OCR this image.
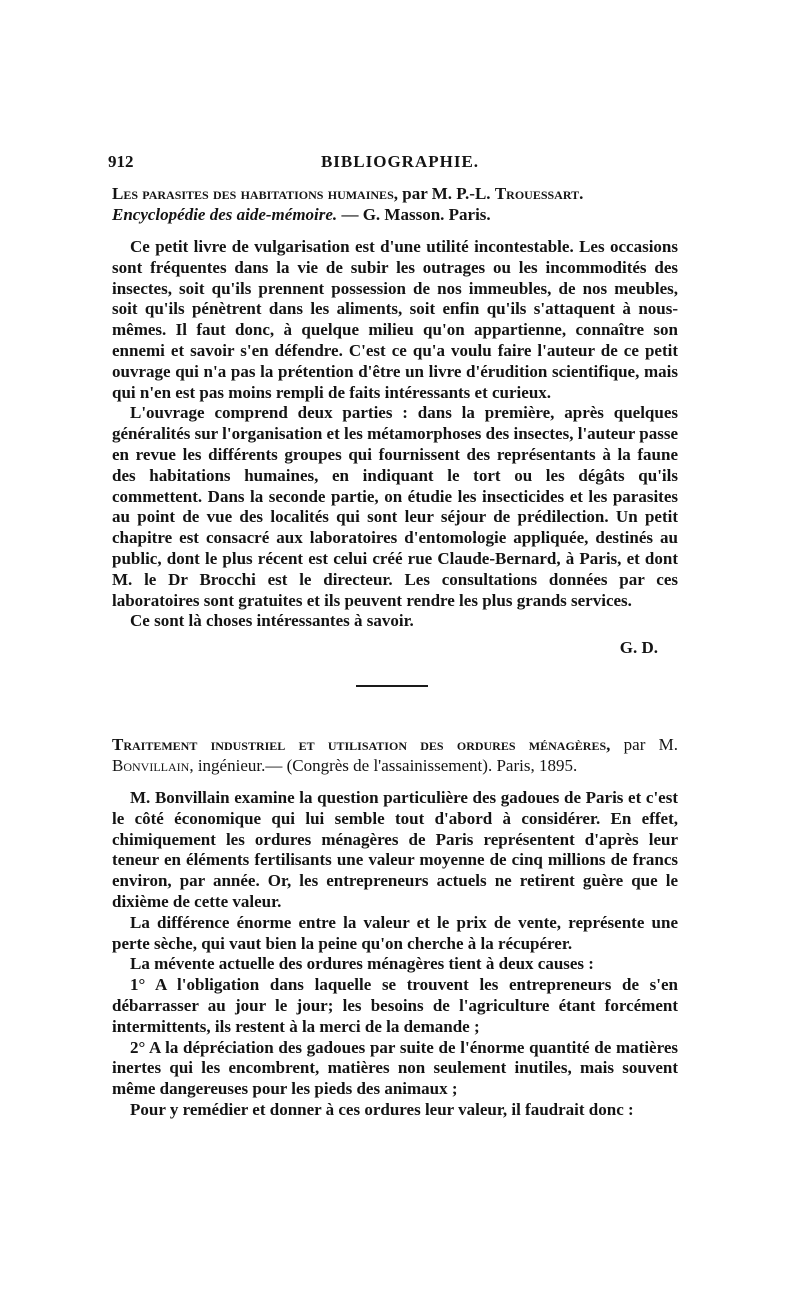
912	BIBLIOGRAPHIE.

Les parasites des habitations humaines, par M. P.-L. Trouessart.
Encyclopédie des aide-mémoire. — G. Masson. Paris.

Ce petit livre de vulgarisation est d'une utilité incontestable. Les occasions sont fréquentes dans la vie de subir les outrages ou les incommodités des insectes, soit qu'ils prennent possession de nos immeubles, de nos meubles, soit qu'ils pénètrent dans les aliments, soit enfin qu'ils s'attaquent à nous-mêmes. Il faut donc, à quelque milieu qu'on appartienne, connaître son ennemi et savoir s'en défendre. C'est ce qu'a voulu faire l'auteur de ce petit ouvrage qui n'a pas la prétention d'être un livre d'érudition scientifique, mais qui n'en est pas moins rempli de faits intéressants et curieux.

L'ouvrage comprend deux parties : dans la première, après quelques généralités sur l'organisation et les métamorphoses des insectes, l'auteur passe en revue les différents groupes qui fournissent des représentants à la faune des habitations humaines, en indiquant le tort ou les dégâts qu'ils commettent. Dans la seconde partie, on étudie les insecticides et les parasites au point de vue des localités qui sont leur séjour de prédilection. Un petit chapitre est consacré aux laboratoires d'entomologie appliquée, destinés au public, dont le plus récent est celui créé rue Claude-Bernard, à Paris, et dont M. le Dr Brocchi est le directeur. Les consultations données par ces laboratoires sont gratuites et ils peuvent rendre les plus grands services.

Ce sont là choses intéressantes à savoir.

G. D.

Traitement industriel et utilisation des ordures ménagères, par M. Bonvillain, ingénieur.— (Congrès de l'assainissement). Paris, 1895.

M. Bonvillain examine la question particulière des gadoues de Paris et c'est le côté économique qui lui semble tout d'abord à considérer. En effet, chimiquement les ordures ménagères de Paris représentent d'après leur teneur en éléments fertilisants une valeur moyenne de cinq millions de francs environ, par année. Or, les entrepreneurs actuels ne retirent guère que le dixième de cette valeur.

La différence énorme entre la valeur et le prix de vente, représente une perte sèche, qui vaut bien la peine qu'on cherche à la récupérer.

La mévente actuelle des ordures ménagères tient à deux causes :

1° A l'obligation dans laquelle se trouvent les entrepreneurs de s'en débarrasser au jour le jour; les besoins de l'agriculture étant forcément intermittents, ils restent à la merci de la demande ;

2° A la dépréciation des gadoues par suite de l'énorme quantité de matières inertes qui les encombrent, matières non seulement inutiles, mais souvent même dangereuses pour les pieds des animaux ;

Pour y remédier et donner à ces ordures leur valeur, il faudrait donc :
